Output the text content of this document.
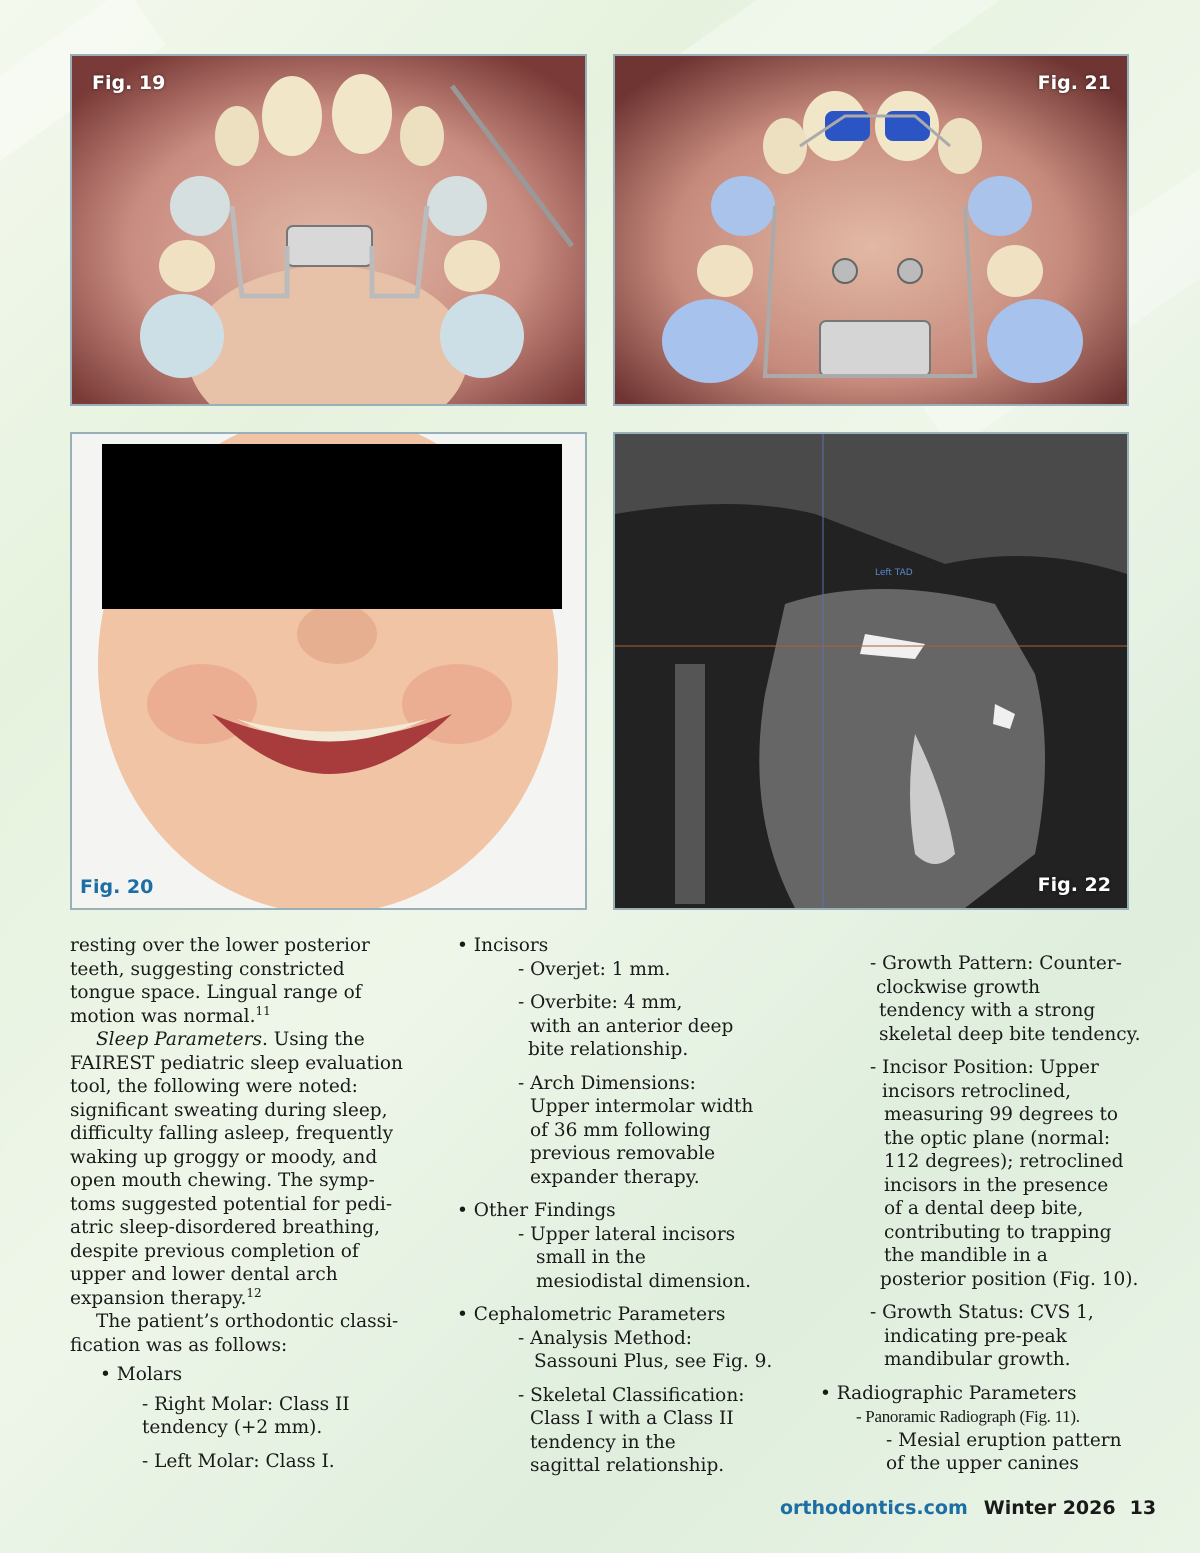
Fig. 19	Fig. 21
Fig. 20
Left TAD
Fig. 22

resting over the lower posterior

teeth, suggesting constricted

tongue space. Lingual range of

motion was normal.$^{11}$

Sleep Parameters. Using the

FAIREST pediatric sleep evaluation

tool, the following were noted:

significant sweating during sleep,

difficulty falling asleep, frequently

waking up groggy or moody, and

open mouth chewing. The symp-

toms suggested potential for pedi-

atric sleep-disordered breathing,

despite previous completion of

upper and lower dental arch

expansion therapy.$^{12}$

The patient’s orthodontic classi-

fication was as follows:

• Molars

- Right Molar: Class II

tendency (+2 mm).

- Left Molar: Class I.

• Incisors

- Overjet: 1 mm.

- Overbite: 4 mm,

with an anterior deep

bite relationship.

- Arch Dimensions:

Upper intermolar width

of 36 mm following

previous removable

expander therapy.

• Other Findings

- Upper lateral incisors

small in the

mesiodistal dimension.

• Cephalometric Parameters

- Analysis Method:

Sassouni Plus, see Fig. 9.

- Skeletal Classification:

Class I with a Class II

tendency in the

sagittal relationship.

- Growth Pattern: Counter-

clockwise growth

tendency with a strong

skeletal deep bite tendency.

- Incisor Position: Upper

incisors retroclined,

measuring 99 degrees to

the optic plane (normal:

112 degrees); retroclined

incisors in the presence

of a dental deep bite,

contributing to trapping

the mandible in a

posterior position (Fig. 10).

- Growth Status: CVS 1,

indicating pre-peak

mandibular growth.

• Radiographic Parameters

- Panoramic Radiograph (Fig. 11).

- Mesial eruption pattern

of the upper canines

orthodontics.com Winter 2026 13
